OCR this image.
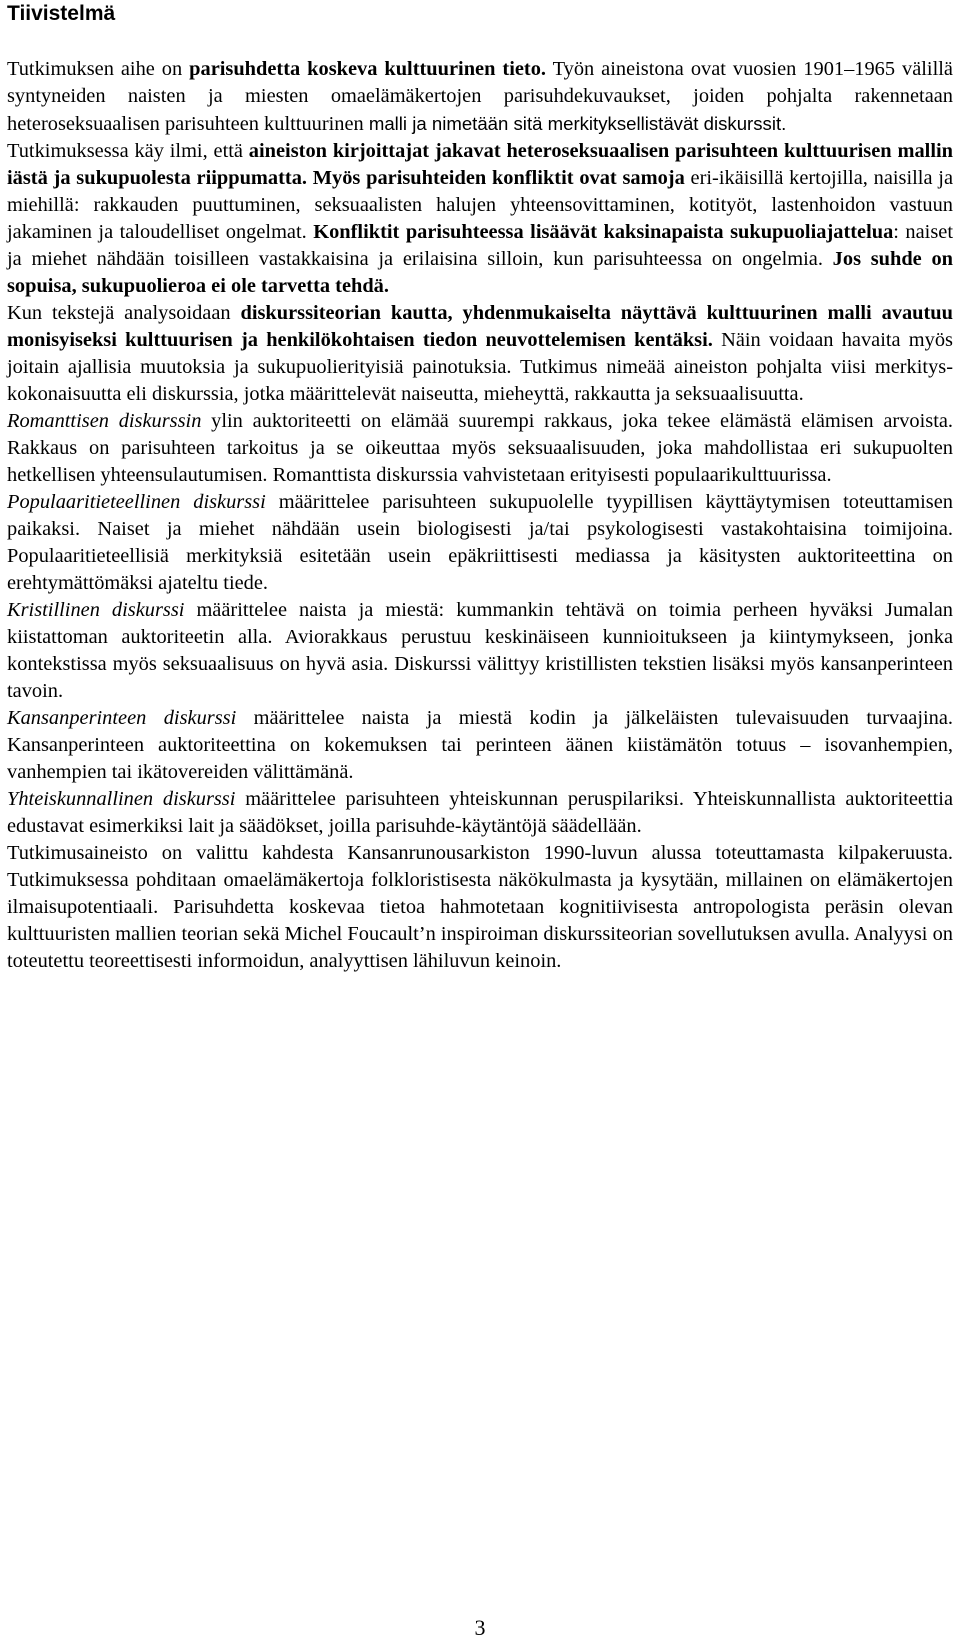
Tiivistelmä

Tutkimuksen aihe on parisuhdetta koskeva kulttuurinen tieto. Työn aineistona ovat vuosien 1901–1965 välillä syntyneiden naisten ja miesten omaelämäkertojen parisuhdekuvaukset, joiden pohjalta rakennetaan heteroseksuaalisen parisuhteen kulttuurinen malli ja nimetään sitä merkityksellistävät diskurssit.

Tutkimuksessa käy ilmi, että aineiston kirjoittajat jakavat heteroseksuaalisen parisuhteen kulttuurisen mallin iästä ja sukupuolesta riippumatta. Myös parisuhteiden konfliktit ovat samoja eri-ikäisillä kertojilla, naisilla ja miehillä: rakkauden puuttuminen, seksuaalisten halujen yhteensovittaminen, kotityöt, lastenhoidon vastuun jakaminen ja taloudelliset ongelmat. Konfliktit parisuhteessa lisäävät kaksinapaista sukupuoliajattelua: naiset ja miehet nähdään toisilleen vastakkaisina ja erilaisina silloin, kun parisuhteessa on ongelmia. Jos suhde on sopuisa, sukupuolieroa ei ole tarvetta tehdä.

Kun tekstejä analysoidaan diskurssiteorian kautta, yhdenmukaiselta näyttävä kulttuurinen malli avautuu monisyiseksi kulttuurisen ja henkilökohtaisen tiedon neuvottelemisen kentäksi. Näin voidaan havaita myös joitain ajallisia muutoksia ja sukupuolierityisiä painotuksia. Tutkimus nimeää aineiston pohjalta viisi merkitys-kokonaisuutta eli diskurssia, jotka määrittelevät naiseutta, mieheyttä, rakkautta ja seksuaalisuutta.

Romanttisen diskurssin ylin auktoriteetti on elämää suurempi rakkaus, joka tekee elämästä elämisen arvoista. Rakkaus on parisuhteen tarkoitus ja se oikeuttaa myös seksuaalisuuden, joka mahdollistaa eri sukupuolten hetkellisen yhteensulautumisen. Romanttista diskurssia vahvistetaan erityisesti populaarikulttuurissa.

Populaaritieteellinen diskurssi määrittelee parisuhteen sukupuolelle tyypillisen käyttäytymisen toteuttamisen paikaksi. Naiset ja miehet nähdään usein biologisesti ja/tai psykologisesti vastakohtaisina toimijoina. Populaaritieteellisiä merkityksiä esitetään usein epäkriittisesti mediassa ja käsitysten auktoriteettina on erehtymättömäksi ajateltu tiede.

Kristillinen diskurssi määrittelee naista ja miestä: kummankin tehtävä on toimia perheen hyväksi Jumalan kiistattoman auktoriteetin alla. Aviorakkaus perustuu keskinäiseen kunnioitukseen ja kiintymykseen, jonka kontekstissa myös seksuaalisuus on hyvä asia. Diskurssi välittyy kristillisten tekstien lisäksi myös kansanperinteen tavoin.

Kansanperinteen diskurssi määrittelee naista ja miestä kodin ja jälkeläisten tulevaisuuden turvaajina. Kansanperinteen auktoriteettina on kokemuksen tai perinteen äänen kiistämätön totuus – isovanhempien, vanhempien tai ikätovereiden välittämänä.

Yhteiskunnallinen diskurssi määrittelee parisuhteen yhteiskunnan peruspilariksi. Yhteiskunnallista auktoriteettia edustavat esimerkiksi lait ja säädökset, joilla parisuhde-käytäntöjä säädellään.

Tutkimusaineisto on valittu kahdesta Kansanrunousarkiston 1990-luvun alussa toteuttamasta kilpakeruusta. Tutkimuksessa pohditaan omaelämäkertoja folkloristisesta näkökulmasta ja kysytään, millainen on elämäkertojen ilmaisupotentiaali. Parisuhdetta koskevaa tietoa hahmotetaan kognitiivisesta antropologista peräsin olevan kulttuuristen mallien teorian sekä Michel Foucault’n inspiroiman diskurssiteorian sovellutuksen avulla. Analyysi on toteutettu teoreettisesti informoidun, analyyttisen lähiluvun keinoin.

3
